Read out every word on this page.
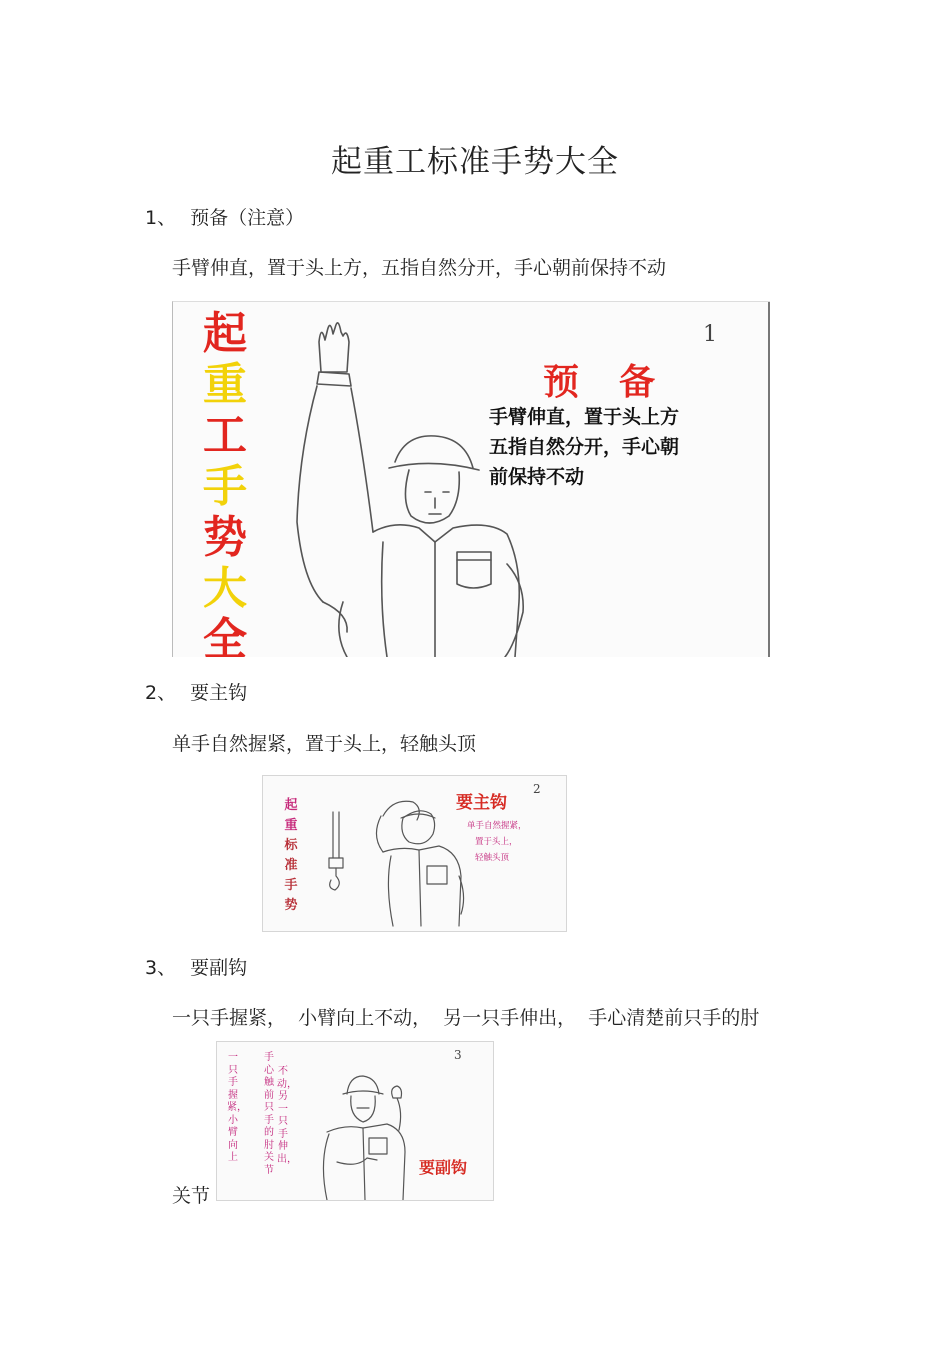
起重工标准手势大全
1、 预备（注意）
手臂伸直，置于头上方，五指自然分开，手心朝前保持不动
起
重
工
手
势
大
全
1
预备
手臂伸直，置于头上方
五指自然分开，手心朝
前保持不动
2、 要主钩
单手自然握紧，置于头上，轻触头顶
起
重
标
准
手
势
2
要主钩
单手自然握紧，
置于头上，
轻触头顶
3、 要副钩
一只手握紧，  小臂向上不动，  另一只手伸出，  手心清楚前只手的肘
关节
一只手握紧，小臂向上
手心触前只手的肘关节
不动，另一只手伸出，
3
要副钩
